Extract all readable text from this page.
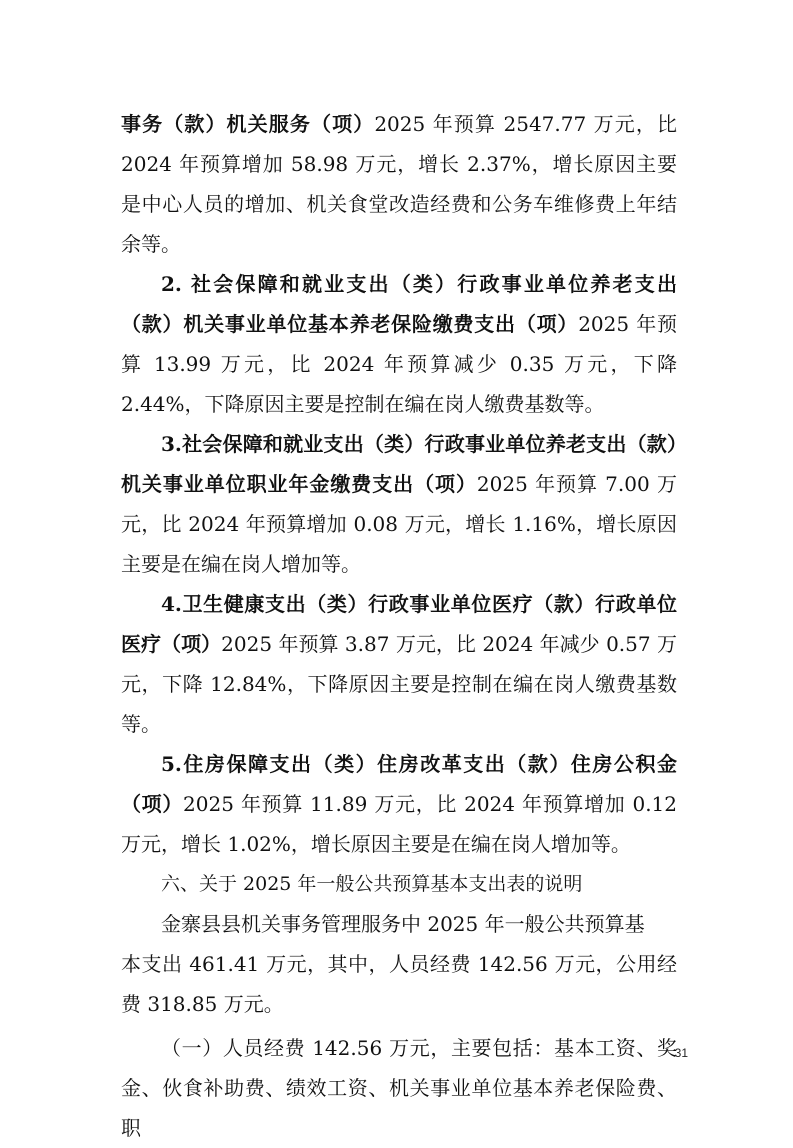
事务（款）机关服务（项）2025 年预算 2547.77 万元，比 2024 年预算增加 58.98 万元，增长 2.37%，增长原因主要是中心人员的增加、机关食堂改造经费和公务车维修费上年结余等。

2. 社会保障和就业支出（类）行政事业单位养老支出（款）机关事业单位基本养老保险缴费支出（项）2025 年预算 13.99 万元，比 2024 年预算减少 0.35 万元，下降 2.44%，下降原因主要是控制在编在岗人缴费基数等。

3.社会保障和就业支出（类）行政事业单位养老支出（款）机关事业单位职业年金缴费支出（项）2025 年预算 7.00 万元，比 2024 年预算增加 0.08 万元，增长 1.16%，增长原因主要是在编在岗人增加等。

4.卫生健康支出（类）行政事业单位医疗（款）行政单位医疗（项）2025 年预算 3.87 万元，比 2024 年减少 0.57 万元，下降 12.84%，下降原因主要是控制在编在岗人缴费基数等。

5.住房保障支出（类）住房改革支出（款）住房公积金（项）2025 年预算 11.89 万元，比 2024 年预算增加 0.12 万元，增长 1.02%，增长原因主要是在编在岗人增加等。

六、关于 2025 年一般公共预算基本支出表的说明

金寨县县机关事务管理服务中 2025 年一般公共预算基

本支出 461.41 万元，其中，人员经费 142.56 万元，公用经费 318.85 万元。

（一）人员经费 142.56 万元，主要包括：基本工资、奖金、伙食补助费、绩效工资、机关事业单位基本养老保险费、职

31
